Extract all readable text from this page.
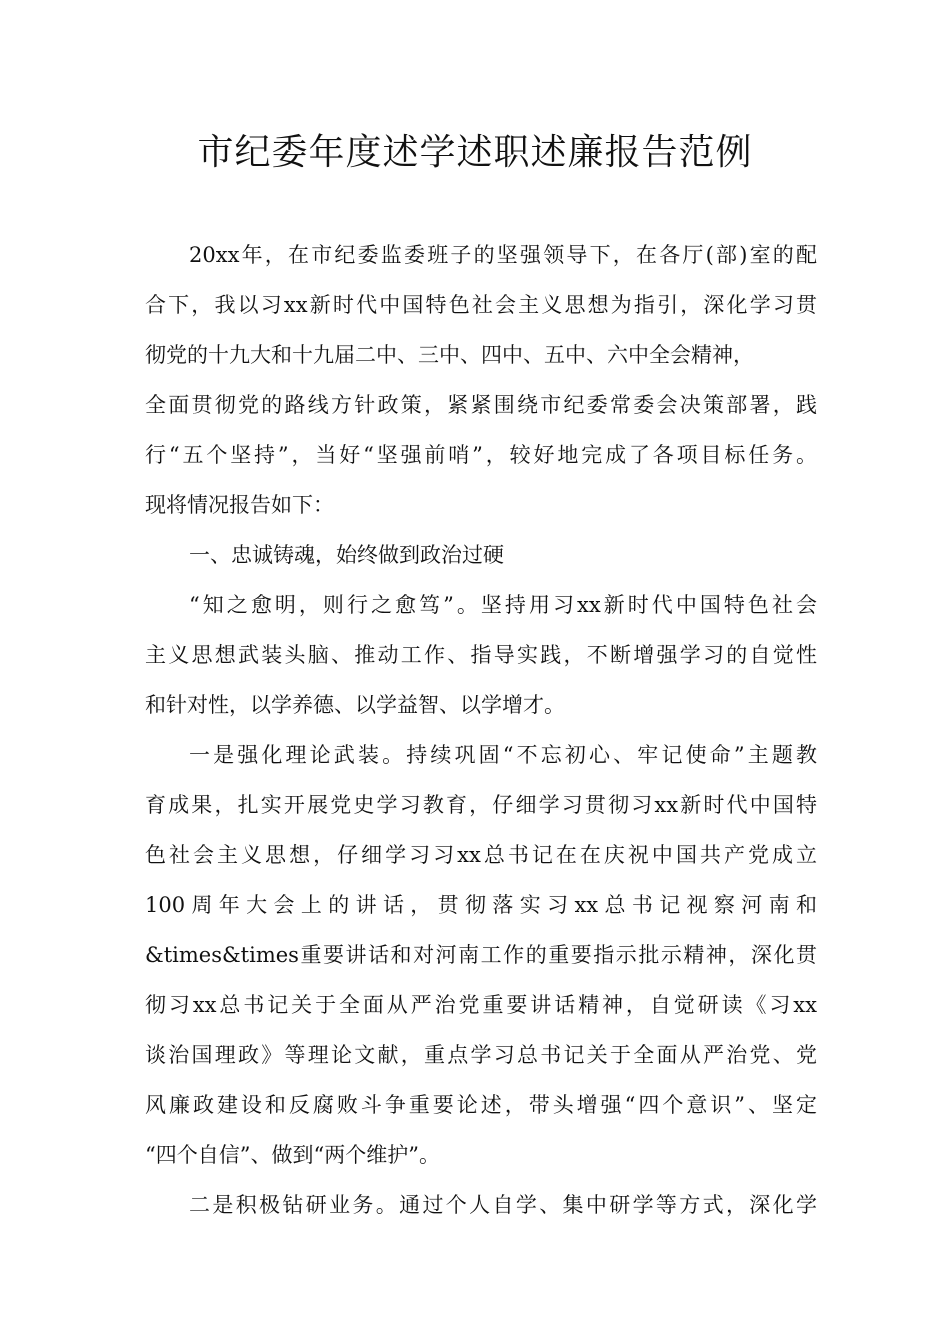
市纪委年度述学述职述廉报告范例
20xx年，在市纪委监委班子的坚强领导下，在各厅(部)室的配
合下，我以习xx新时代中国特色社会主义思想为指引，深化学习贯
彻党的十九大和十九届二中、三中、四中、五中、六中全会精神，
全面贯彻党的路线方针政策，紧紧围绕市纪委常委会决策部署，践
行“五个坚持”，当好“坚强前哨”，较好地完成了各项目标任务。
现将情况报告如下：
一、忠诚铸魂，始终做到政治过硬
“知之愈明，则行之愈笃”。坚持用习xx新时代中国特色社会
主义思想武装头脑、推动工作、指导实践，不断增强学习的自觉性
和针对性，以学养德、以学益智、以学增才。
一是强化理论武装。持续巩固“不忘初心、牢记使命”主题教
育成果，扎实开展党史学习教育，仔细学习贯彻习xx新时代中国特
色社会主义思想，仔细学习习xx总书记在在庆祝中国共产党成立
100周年大会上的讲话，贯彻落实习xx总书记视察河南和
&times&times重要讲话和对河南工作的重要指示批示精神，深化贯
彻习xx总书记关于全面从严治党重要讲话精神，自觉研读《习xx
谈治国理政》等理论文献，重点学习总书记关于全面从严治党、党
风廉政建设和反腐败斗争重要论述，带头增强“四个意识”、坚定
“四个自信”、做到“两个维护”。
二是积极钻研业务。通过个人自学、集中研学等方式，深化学
